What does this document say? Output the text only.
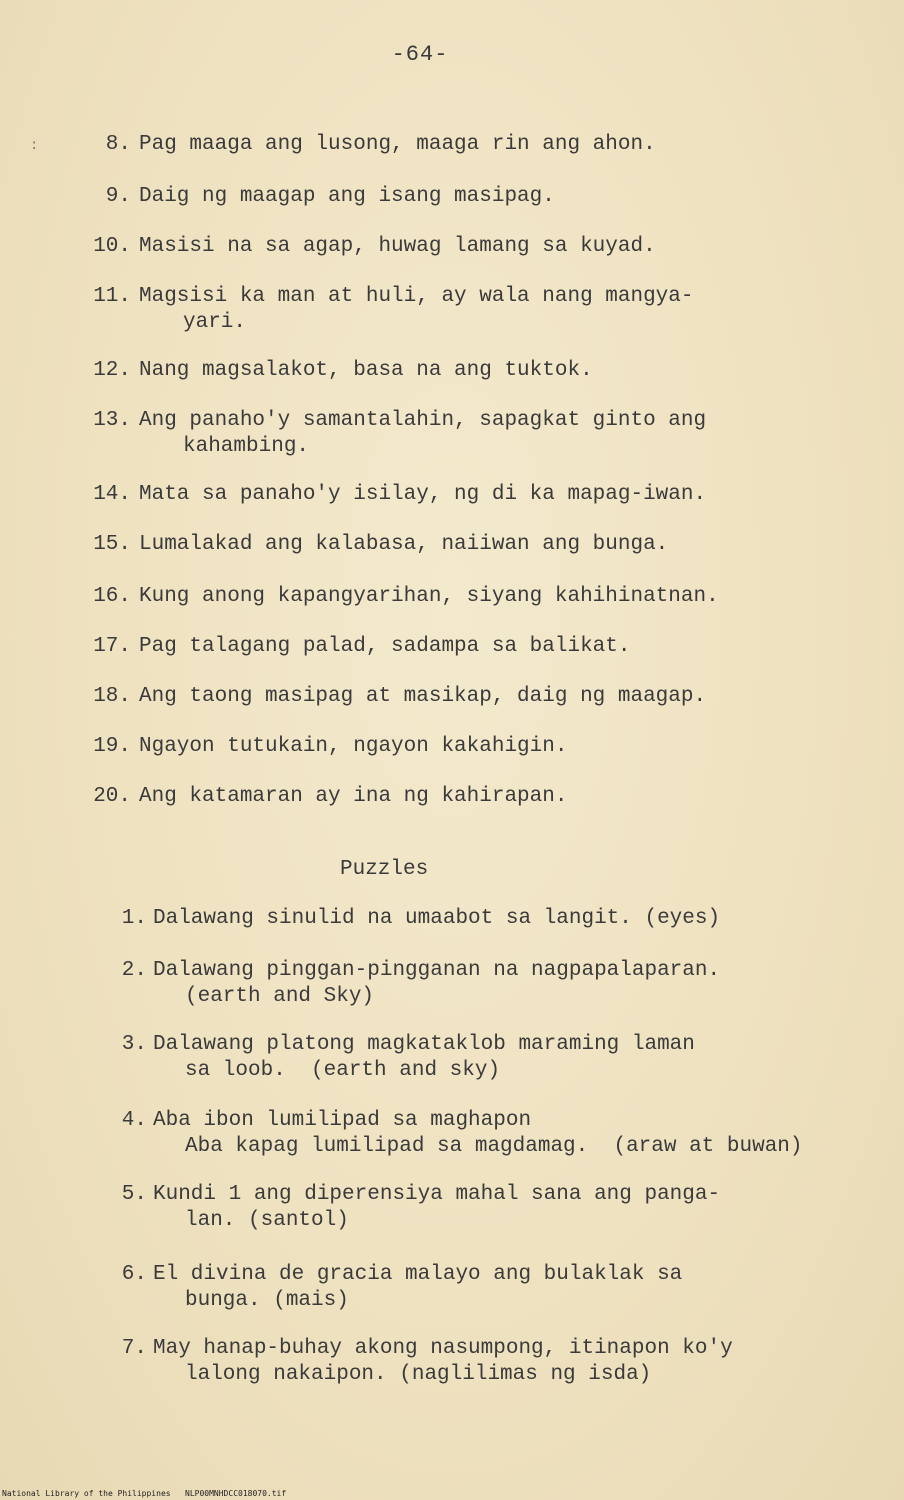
-64-
:	8. Pag maaga ang lusong, maaga rin ang ahon.
9. Daig ng maagap ang isang masipag.
10. Masisi na sa agap, huwag lamang sa kuyad.
11. Magsisi ka man at huli, ay wala nang mangya-
yari.
12. Nang magsalakot, basa na ang tuktok.
13. Ang panaho'y samantalahin, sapagkat ginto ang
kahambing.
14. Mata sa panaho'y isilay, ng di ka mapag-iwan.
15. Lumalakad ang kalabasa, naiiwan ang bunga.
16. Kung anong kapangyarihan, siyang kahihinatnan.
17. Pag talagang palad, sadampa sa balikat.
18. Ang taong masipag at masikap, daig ng maagap.
19. Ngayon tutukain, ngayon kakahigin.
20. Ang katamaran ay ina ng kahirapan.
Puzzles
1. Dalawang sinulid na umaabot sa langit. (eyes)
2. Dalawang pinggan-pingganan na nagpapalaparan.
(earth and Sky)
3. Dalawang platong magkataklob maraming laman
sa loob.  (earth and sky)
4. Aba ibon lumilipad sa maghapon
Aba kapag lumilipad sa magdamag.  (araw at buwan)
5. Kundi 1 ang diperensiya mahal sana ang panga-
lan. (santol)
6. El divina de gracia malayo ang bulaklak sa
bunga. (mais)
7. May hanap-buhay akong nasumpong, itinapon ko'y
lalong nakaipon. (naglilimas ng isda)
National Library of the Philippines   NLP00MNHDCC018070.tif
